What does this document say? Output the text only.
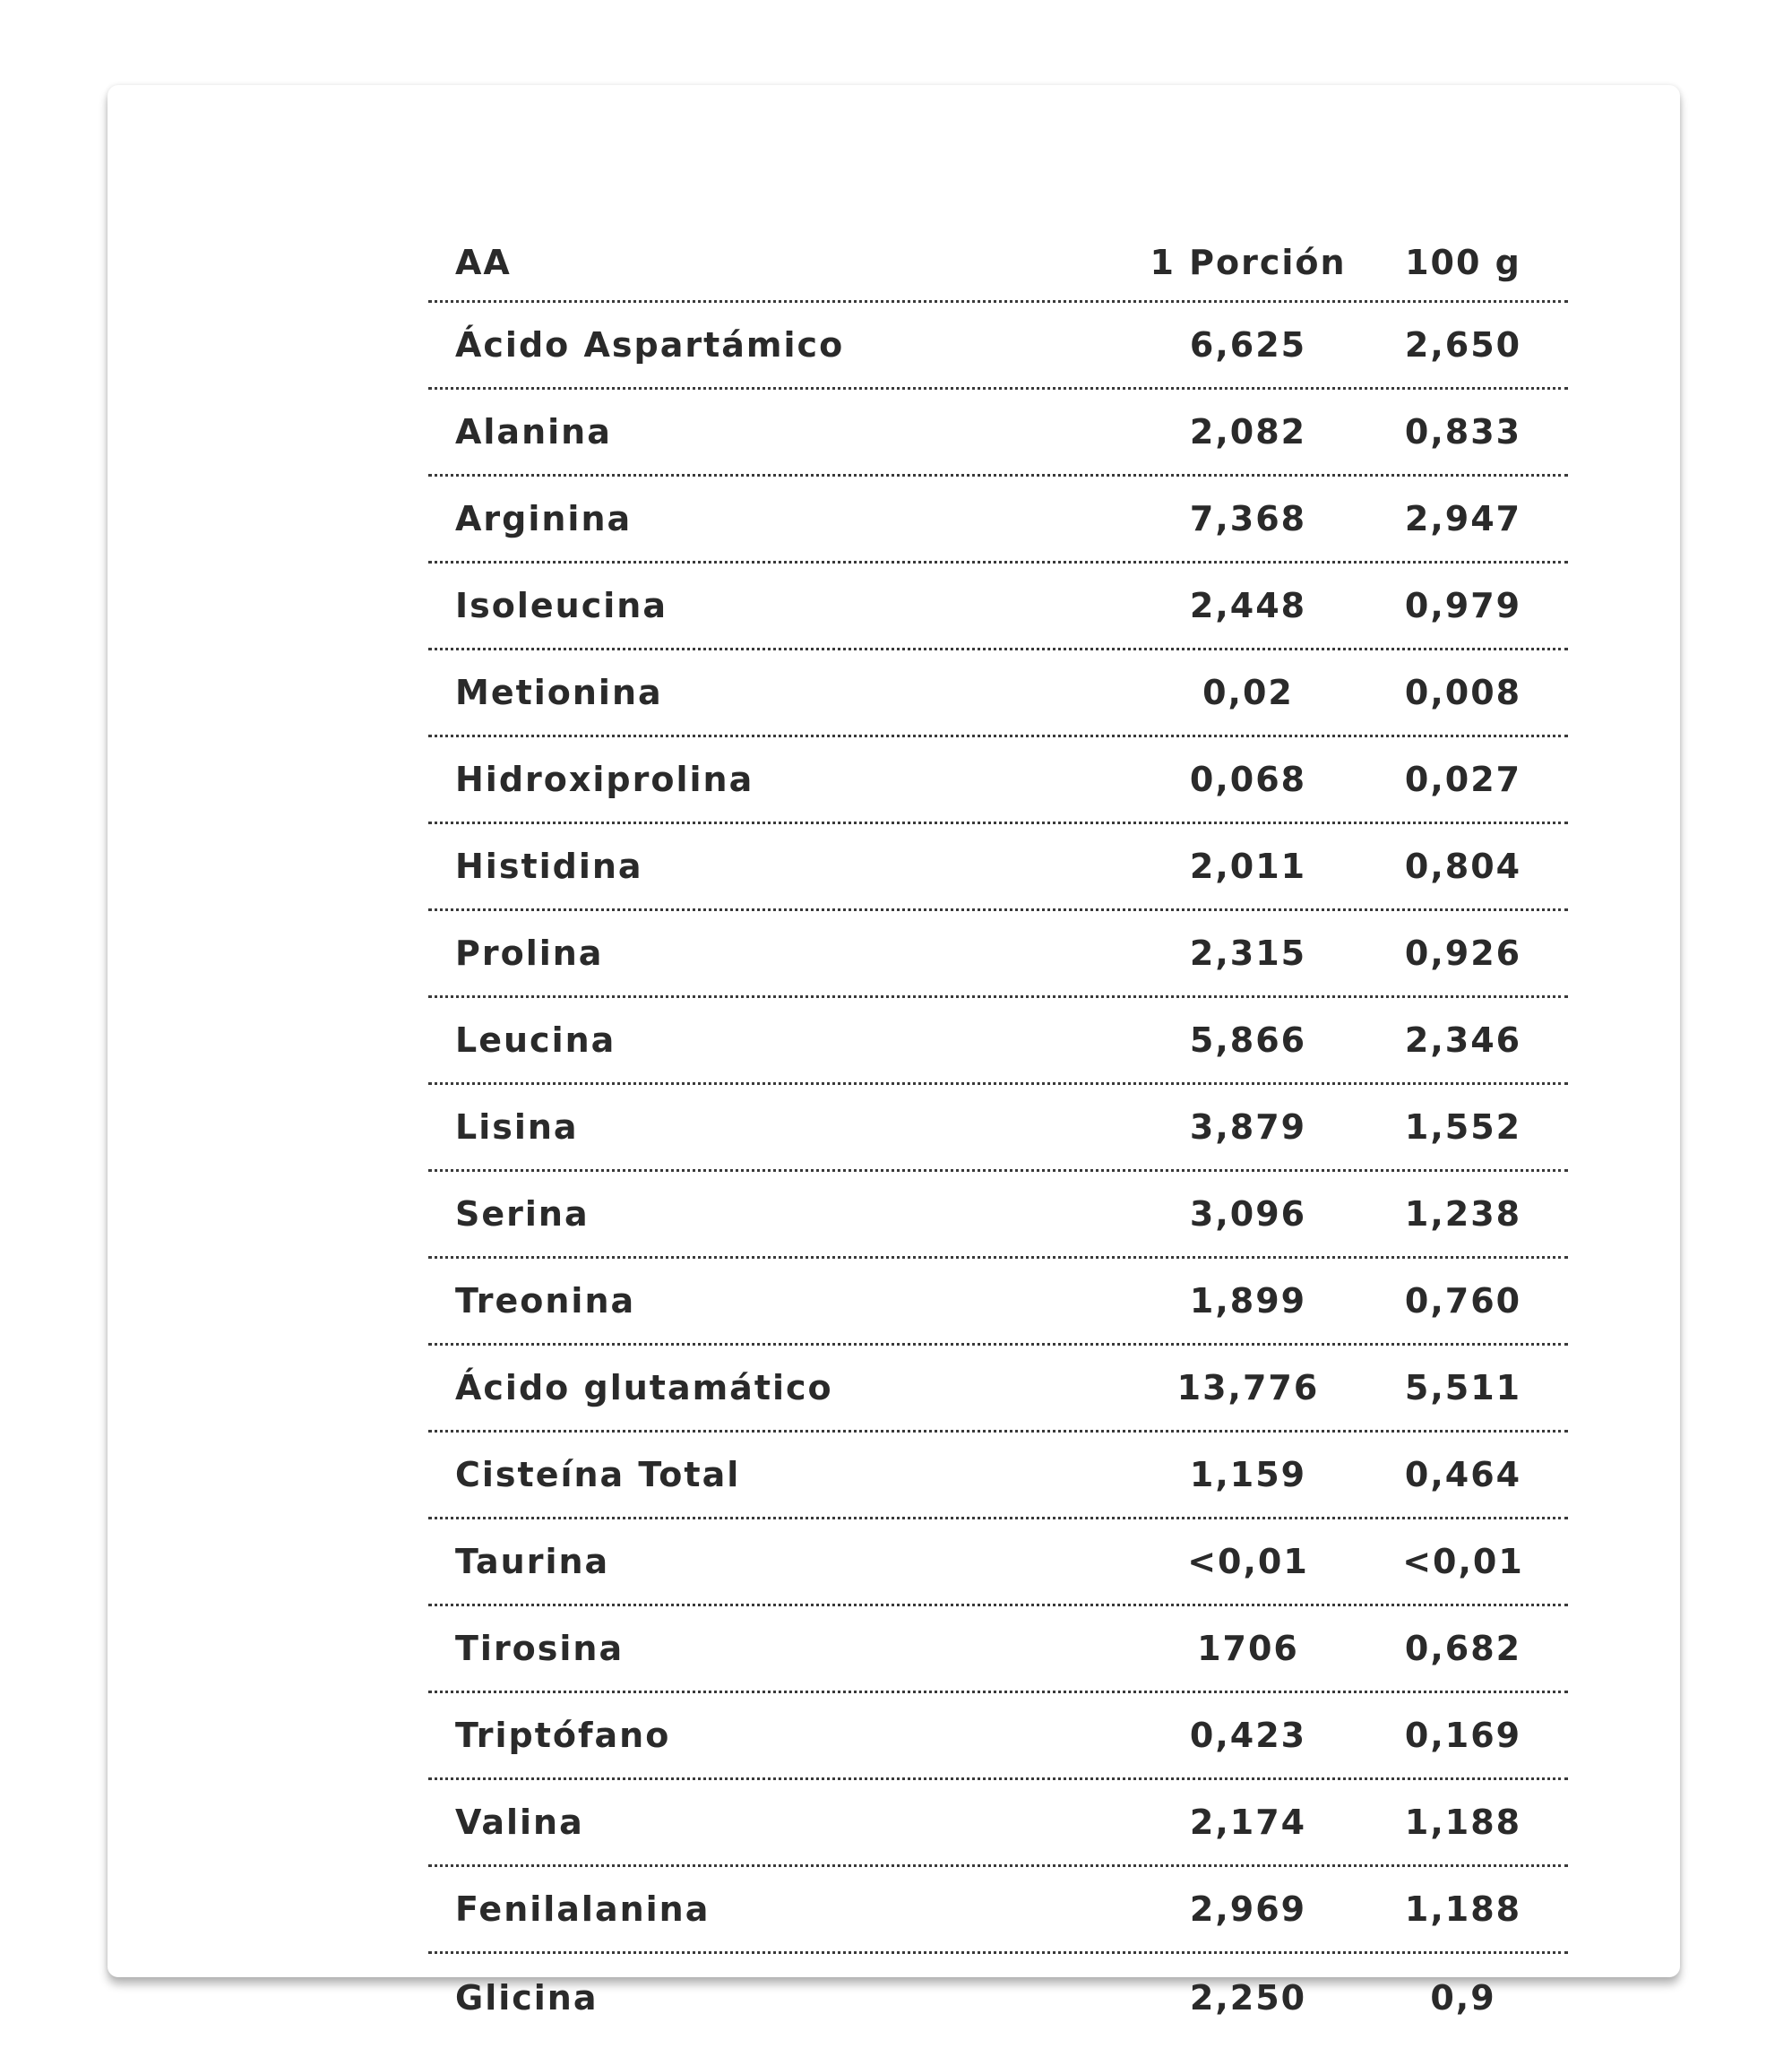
AA	1 Porción	100 g
Ácido Aspartámico	6,625	2,650
Alanina	2,082	0,833
Arginina	7,368	2,947
Isoleucina	2,448	0,979
Metionina	0,02	0,008
Hidroxiprolina	0,068	0,027
Histidina	2,011	0,804
Prolina	2,315	0,926
Leucina	5,866	2,346
Lisina	3,879	1,552
Serina	3,096	1,238
Treonina	1,899	0,760
Ácido glutamático	13,776	5,511
Cisteína Total	1,159	0,464
Taurina	<0,01	<0,01
Tirosina	1706	0,682
Triptófano	0,423	0,169
Valina	2,174	1,188
Fenilalanina	2,969	1,188
Glicina	2,250	0,9
